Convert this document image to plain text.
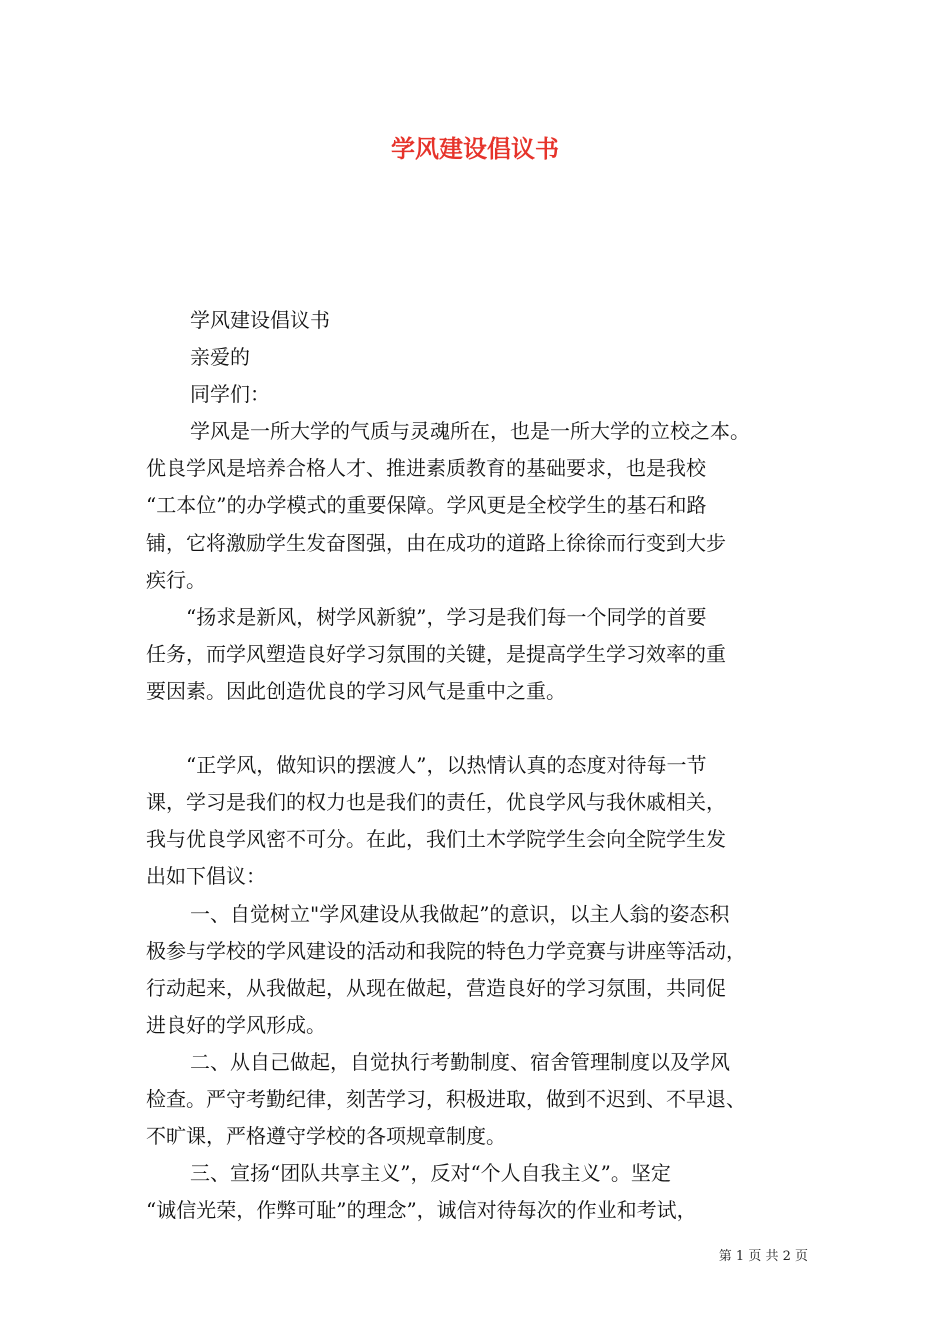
学风建设倡议书

学风建设倡议书

亲爱的

同学们：

学风是一所大学的气质与灵魂所在，也是一所大学的立校之本。

优良学风是培养合格人才、推进素质教育的基础要求，也是我校

“工本位”的办学模式的重要保障。学风更是全校学生的基石和路

铺，它将激励学生发奋图强，由在成功的道路上徐徐而行变到大步

疾行。

“扬求是新风，树学风新貌”，学习是我们每一个同学的首要

任务，而学风塑造良好学习氛围的关键，是提高学生学习效率的重

要因素。因此创造优良的学习风气是重中之重。

“正学风，做知识的摆渡人”，以热情认真的态度对待每一节

课，学习是我们的权力也是我们的责任，优良学风与我休戚相关，

我与优良学风密不可分。在此，我们土木学院学生会向全院学生发

出如下倡议：

一、自觉树立"学风建设从我做起”的意识，以主人翁的姿态积

极参与学校的学风建设的活动和我院的特色力学竞赛与讲座等活动，

行动起来，从我做起，从现在做起，营造良好的学习氛围，共同促

进良好的学风形成。

二、从自己做起，自觉执行考勤制度、宿舍管理制度以及学风

检查。严守考勤纪律，刻苦学习，积极进取，做到不迟到、不早退、

不旷课，严格遵守学校的各项规章制度。

三、宣扬“团队共享主义”，反对“个人自我主义”。坚定

“诚信光荣，作弊可耻”的理念”，诚信对待每次的作业和考试，

第 1 页 共 2 页
